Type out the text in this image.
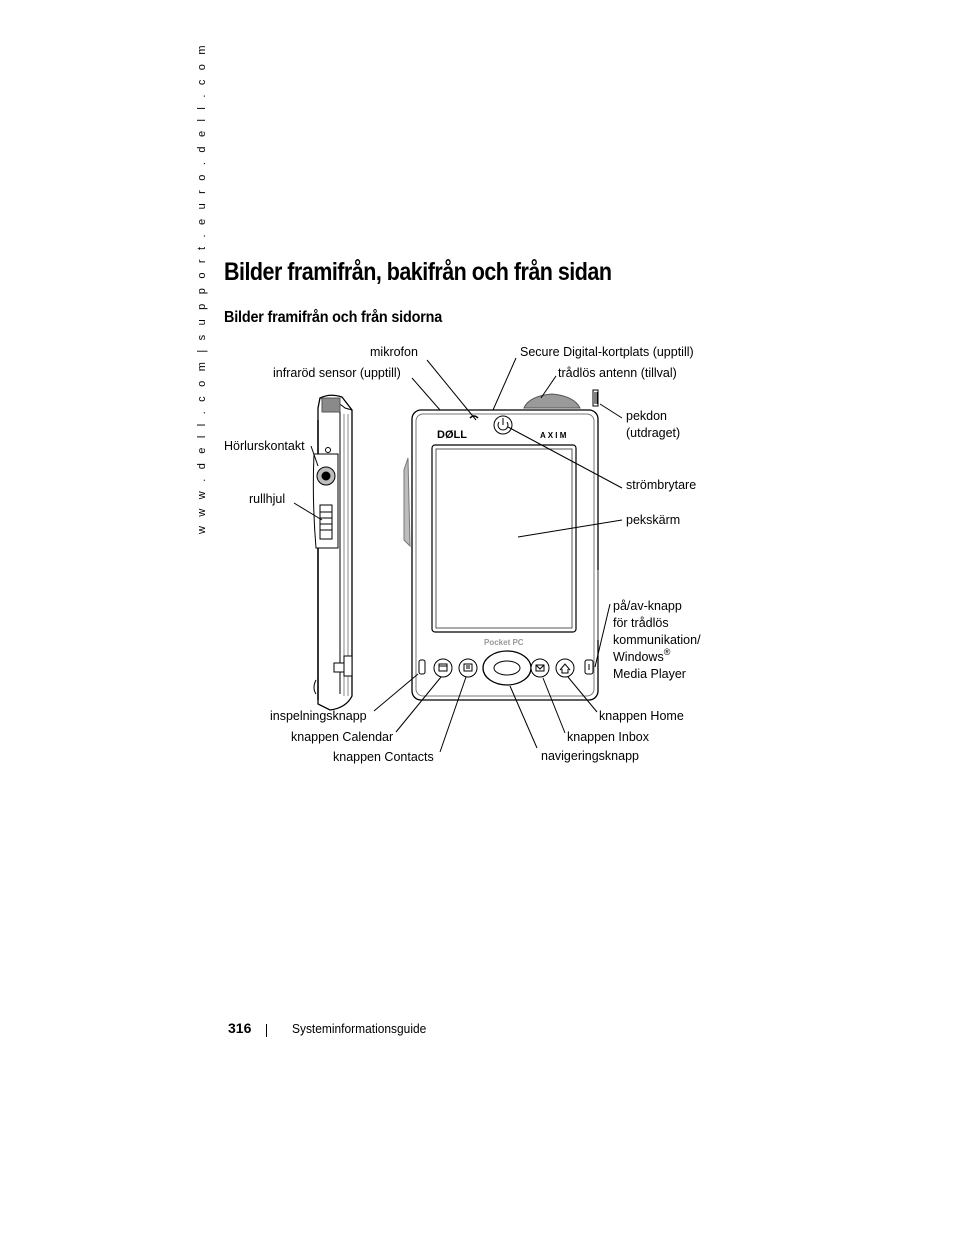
w w w . d e l l . c o m | s u p p o r t . e u r o . d e l l . c o m Bilder framifrån, bakifrån och från sidan
Bilder framifrån och från sidorna
DØLL	A X I M
Pocket PC
mikrofon
infraröd sensor (upptill)
Secure Digital-kortplats (upptill)
trådlös antenn (tillval)
pekdon
(utdraget)
Hörlurskontakt
rullhjul
strömbrytare
pekskärm
på/av-knapp
för trådlös
kommunikation/
Windows®
Media Player
inspelningsknapp
knappen Calendar
knappen Contacts
knappen Home
knappen Inbox
navigeringsknapp
316	Systeminformationsguide
